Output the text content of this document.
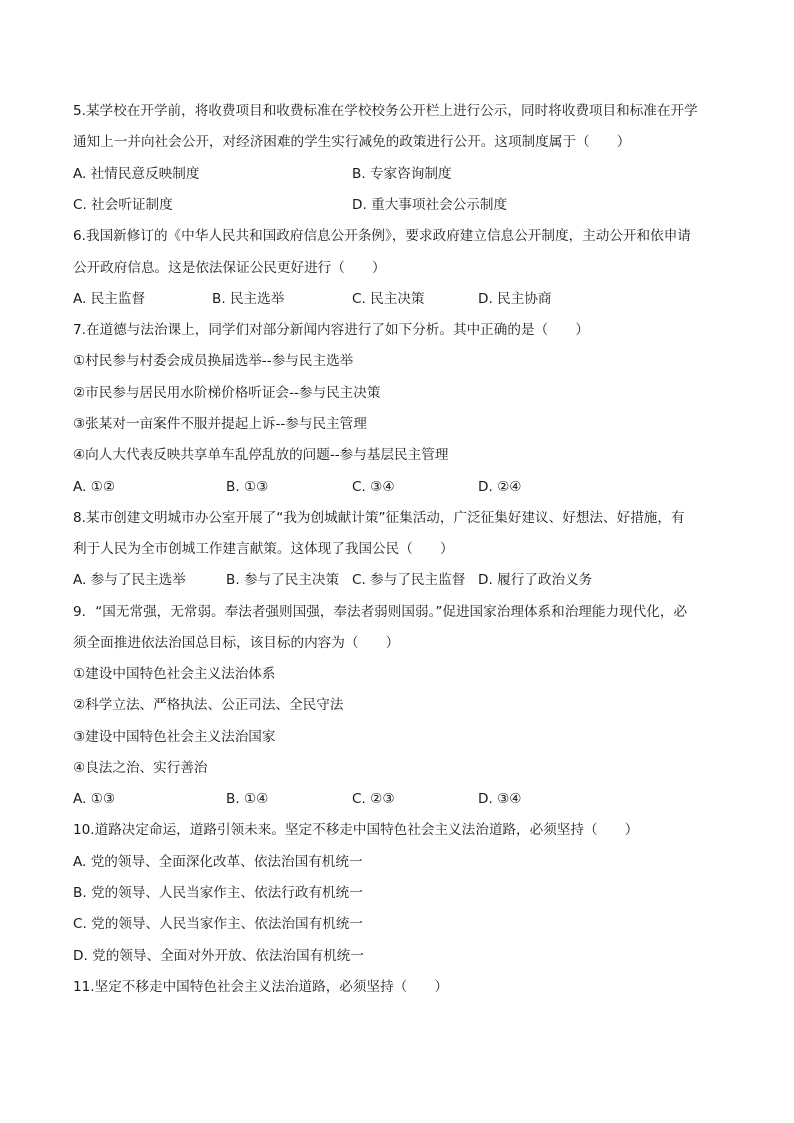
5.某学校在开学前，将收费项目和收费标准在学校校务公开栏上进行公示，同时将收费项目和标准在开学
通知上一并向社会公开，对经济困难的学生实行减免的政策进行公开。这项制度属于（　　）
A. 社情民意反映制度	B. 专家咨询制度
C. 社会听证制度	D. 重大事项社会公示制度
6.我国新修订的《中华人民共和国政府信息公开条例》，要求政府建立信息公开制度，主动公开和依申请
公开政府信息。这是依法保证公民更好进行（　　）
A. 民主监督	B. 民主选举	C. 民主决策	D. 民主协商
7.在道德与法治课上，同学们对部分新闻内容进行了如下分析。其中正确的是（　　）
①村民参与村委会成员换届选举--参与民主选举
②市民参与居民用水阶梯价格听证会--参与民主决策
③张某对一亩案件不服并提起上诉--参与民主管理
④向人大代表反映共享单车乱停乱放的问题--参与基层民主管理
A. ①②	B. ①③	C. ③④	D. ②④
8.某市创建文明城市办公室开展了“我为创城献计策”征集活动，广泛征集好建议、好想法、好措施，有
利于人民为全市创城工作建言献策。这体现了我国公民（　　）
A. 参与了民主选举	B. 参与了民主决策 C. 参与了民主监督 D. 履行了政治义务
9．“国无常强，无常弱。奉法者强则国强，奉法者弱则国弱。”促进国家治理体系和治理能力现代化，必
须全面推进依法治国总目标，该目标的内容为（　　）
①建设中国特色社会主义法治体系
②科学立法、严格执法、公正司法、全民守法
③建设中国特色社会主义法治国家
④良法之治、实行善治
A. ①③	B. ①④	C. ②③	D. ③④
10.道路决定命运，道路引领未来。坚定不移走中国特色社会主义法治道路，必须坚持（　　）
A. 党的领导、全面深化改革、依法治国有机统一
B. 党的领导、人民当家作主、依法行政有机统一
C. 党的领导、人民当家作主、依法治国有机统一
D. 党的领导、全面对外开放、依法治国有机统一
11.坚定不移走中国特色社会主义法治道路，必须坚持（　　）
